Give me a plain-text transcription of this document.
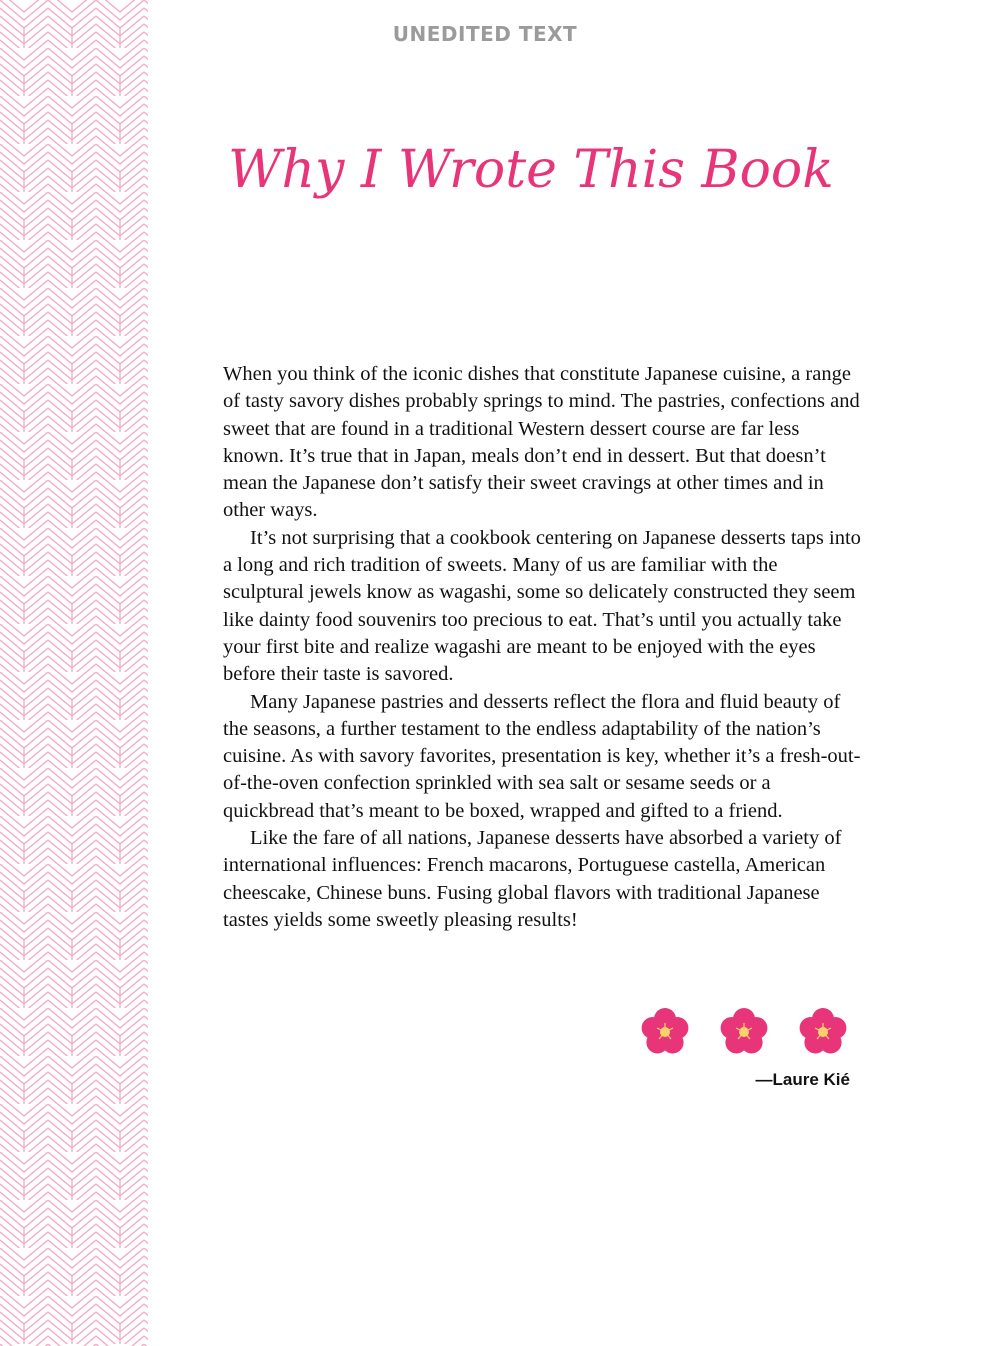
UNEDITED TEXT
Why I Wrote This Book

When you think of the iconic dishes that constitute Japanese cuisine, a range of tasty savory dishes probably springs to mind. The pastries, confections and sweet that are found in a traditional Western dessert course are far less known. It’s true that in Japan, meals don’t end in dessert. But that doesn’t mean the Japanese don’t satisfy their sweet cravings at other times and in other ways.

It’s not surprising that a cookbook centering on Japanese desserts taps into a long and rich tradition of sweets. Many of us are familiar with the sculptural jewels know as wagashi, some so delicately constructed they seem like dainty food souvenirs too precious to eat. That’s until you actually take your first bite and realize wagashi are meant to be enjoyed with the eyes before their taste is savored.

Many Japanese pastries and desserts reflect the flora and fluid beauty of the seasons, a further testament to the endless adaptability of the nation’s cuisine. As with savory favorites, presentation is key, whether it’s a fresh-out-of-the-oven confection sprinkled with sea salt or sesame seeds or a quickbread that’s meant to be boxed, wrapped and gifted to a friend.

Like the fare of all nations, Japanese desserts have absorbed a variety of international influences: French macarons, Portuguese castella, American cheescake, Chinese buns. Fusing global flavors with traditional Japanese tastes yields some sweetly pleasing results!

—Laure Kié
